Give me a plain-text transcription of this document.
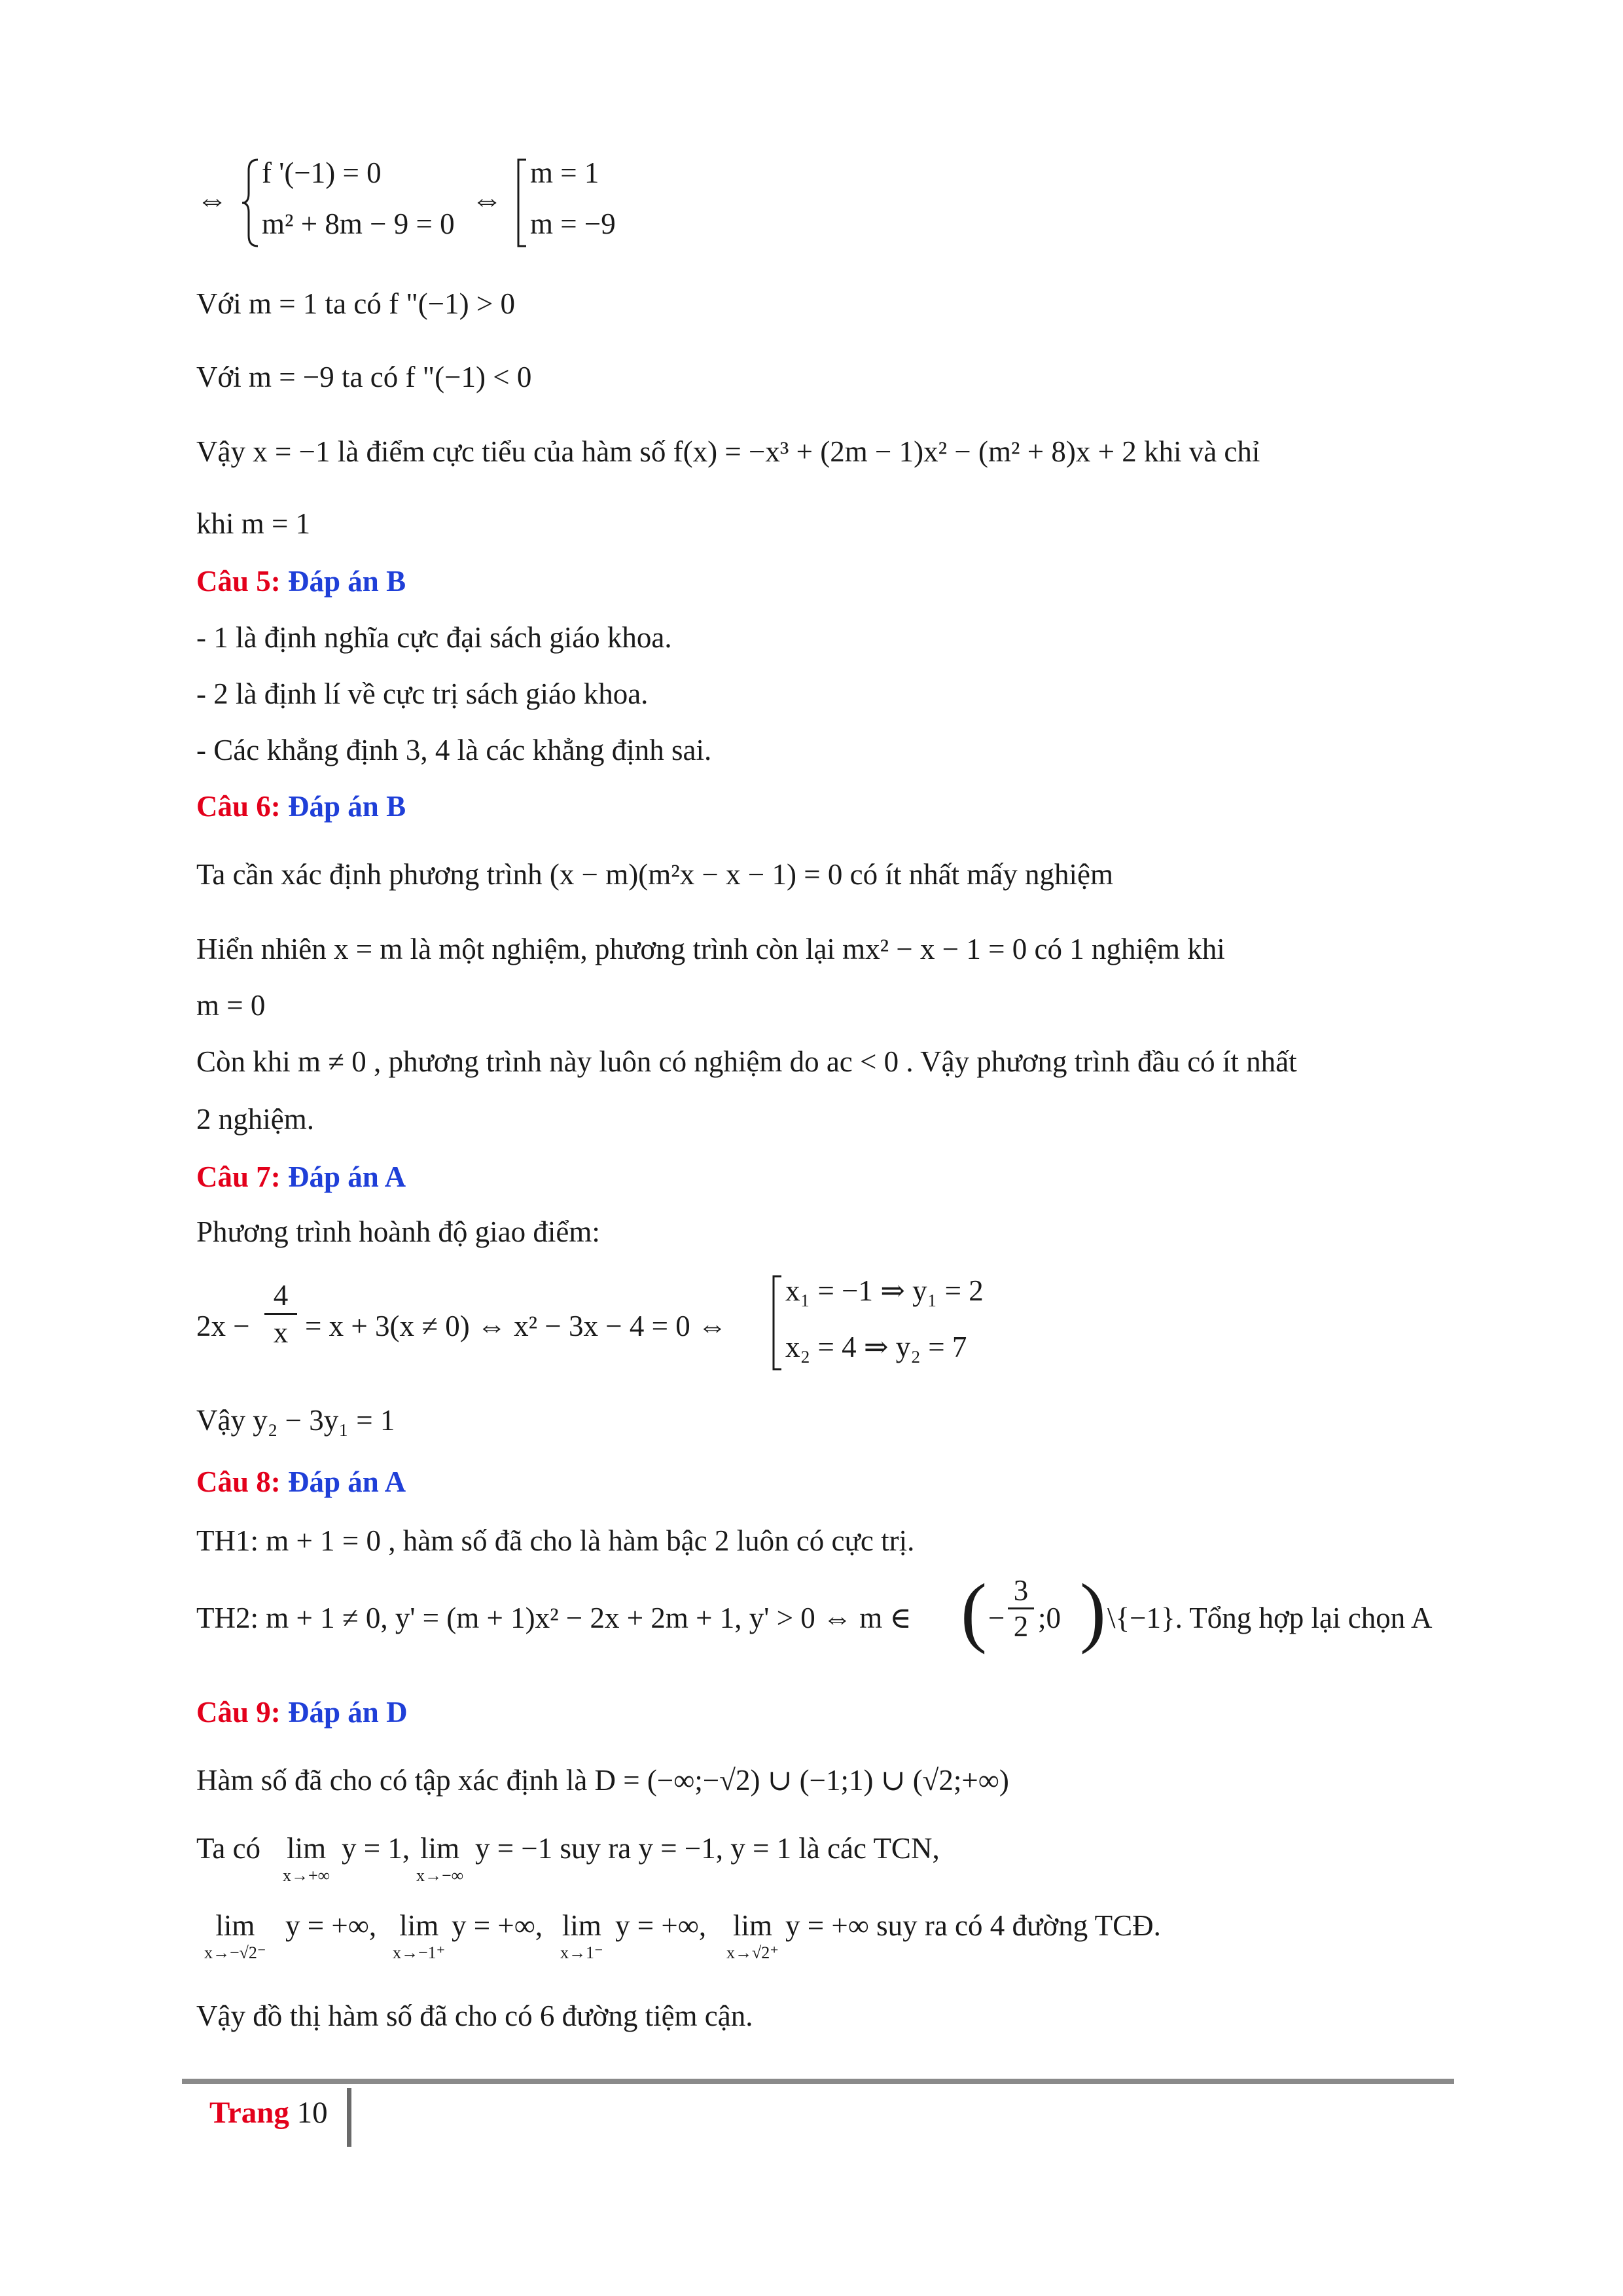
⇔
f '(−1) = 0
m² + 8m − 9 = 0
⇔
m = 1
m = −9
Với m = 1 ta có f "(−1) > 0
Với m = −9 ta có f "(−1) < 0
Vậy x = −1 là điểm cực tiểu của hàm số f(x) = −x³ + (2m − 1)x² − (m² + 8)x + 2 khi và chỉ
khi m = 1
Câu 5: Đáp án B
- 1 là định nghĩa cực đại sách giáo khoa.
- 2 là định lí về cực trị sách giáo khoa.
- Các khẳng định 3, 4 là các khẳng định sai.
Câu 6: Đáp án B
Ta cần xác định phương trình (x − m)(m²x − x − 1) = 0 có ít nhất mấy nghiệm
Hiển nhiên x = m là một nghiệm, phương trình còn lại mx² − x − 1 = 0 có 1 nghiệm khi
m = 0
Còn khi m ≠ 0 , phương trình này luôn có nghiệm do ac < 0 . Vậy phương trình đầu có ít nhất
2 nghiệm.
Câu 7: Đáp án A
Phương trình hoành độ giao điểm:
$2x - \frac{4}{x} = x + 3(x \ne 0)$ ⇔ x² − 3x − 4 = 0 ⇔
x₁ = −1 ⇒ y₁ = 2
x₂ = 4 ⇒ y₂ = 7
Vậy y₂ − 3y₁ = 1
Câu 8: Đáp án A
TH1: m + 1 = 0 , hàm số đã cho là hàm bậc 2 luôn có cực trị.
TH2: m + 1 ≠ 0, y' = (m + 1)x² − 2x + 2m + 1, y' > 0 ⇔ m ∈ ( − $\frac{3}{2}$ ;0 ) \{−1}. Tổng hợp lại chọn A
Câu 9: Đáp án D
Hàm số đã cho có tập xác định là D = (−∞;−√2) ∪ (−1;1) ∪ (√2;+∞)
Ta có lim
x→+∞
y = 1, lim
x→−∞
y = −1 suy ra y = −1, y = 1 là các TCN,
lim
x→−√2⁻
y = +∞, lim
x→−1⁺
y = +∞, lim
x→1⁻
y = +∞, lim
x→√2⁺
y = +∞ suy ra có 4 đường TCĐ.
Vậy đồ thị hàm số đã cho có 6 đường tiệm cận.
Trang 10
